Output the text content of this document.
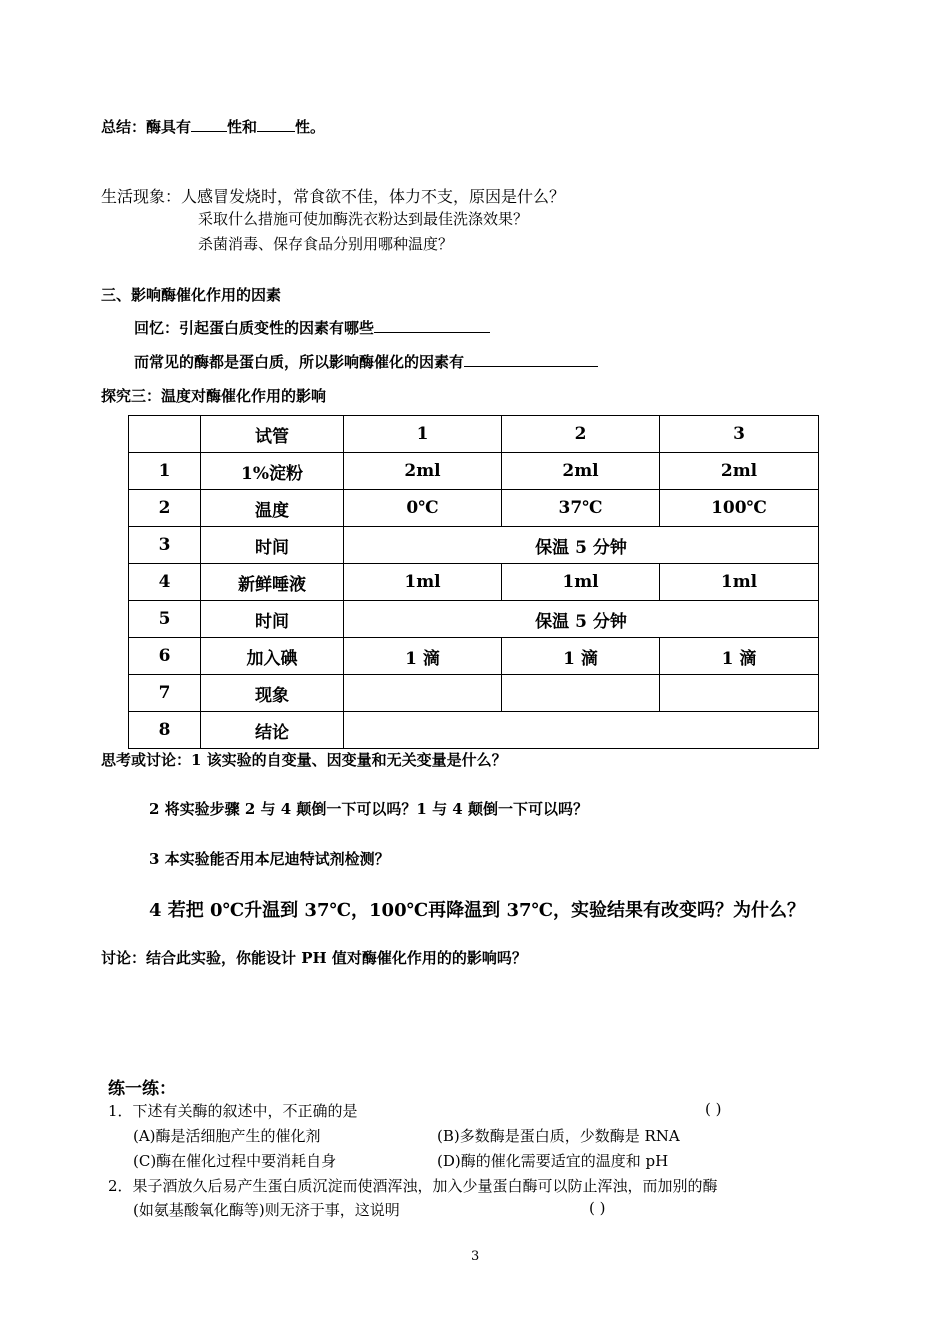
总结：酶具有 性和	性。
生活现象：人感冒发烧时，常食欲不佳，体力不支，原因是什么？
采取什么措施可使加酶洗衣粉达到最佳洗涤效果？
杀菌消毒、保存食品分别用哪种温度？
三、影响酶催化作用的因素
回忆：引起蛋白质变性的因素有哪些
而常见的酶都是蛋白质，所以影响酶催化的因素有
探究三：温度对酶催化作用的影响
	试管	1	2	3
1	1%淀粉	2ml	2ml	2ml
2	温度	0℃	37℃	100℃
3	时间	保温 5 分钟		
4	新鲜唾液	1ml	1ml	1ml
5	时间	保温 5 分钟		
6	加入碘	1 滴	1 滴	1 滴
7	现象			
8	结论			
思考或讨论：1 该实验的自变量、因变量和无关变量是什么？
2 将实验步骤 2 与 4 颠倒一下可以吗？1 与 4 颠倒一下可以吗？
3 本实验能否用本尼迪特试剂检测？
4 若把 0℃升温到 37℃，100℃再降温到 37℃，实验结果有改变吗？为什么？
讨论：结合此实验，你能设计 PH 值对酶催化作用的的影响吗？
练一练：
1．下述有关酶的叙述中，不正确的是	( )
(A)酶是活细胞产生的催化剂	(B)多数酶是蛋白质，少数酶是 RNA
(C)酶在催化过程中要消耗自身	(D)酶的催化需要适宜的温度和 pH
2．果子酒放久后易产生蛋白质沉淀而使酒浑浊，加入少量蛋白酶可以防止浑浊，而加别的酶
(如氨基酸氧化酶等)则无济于事，这说明	( )
3
